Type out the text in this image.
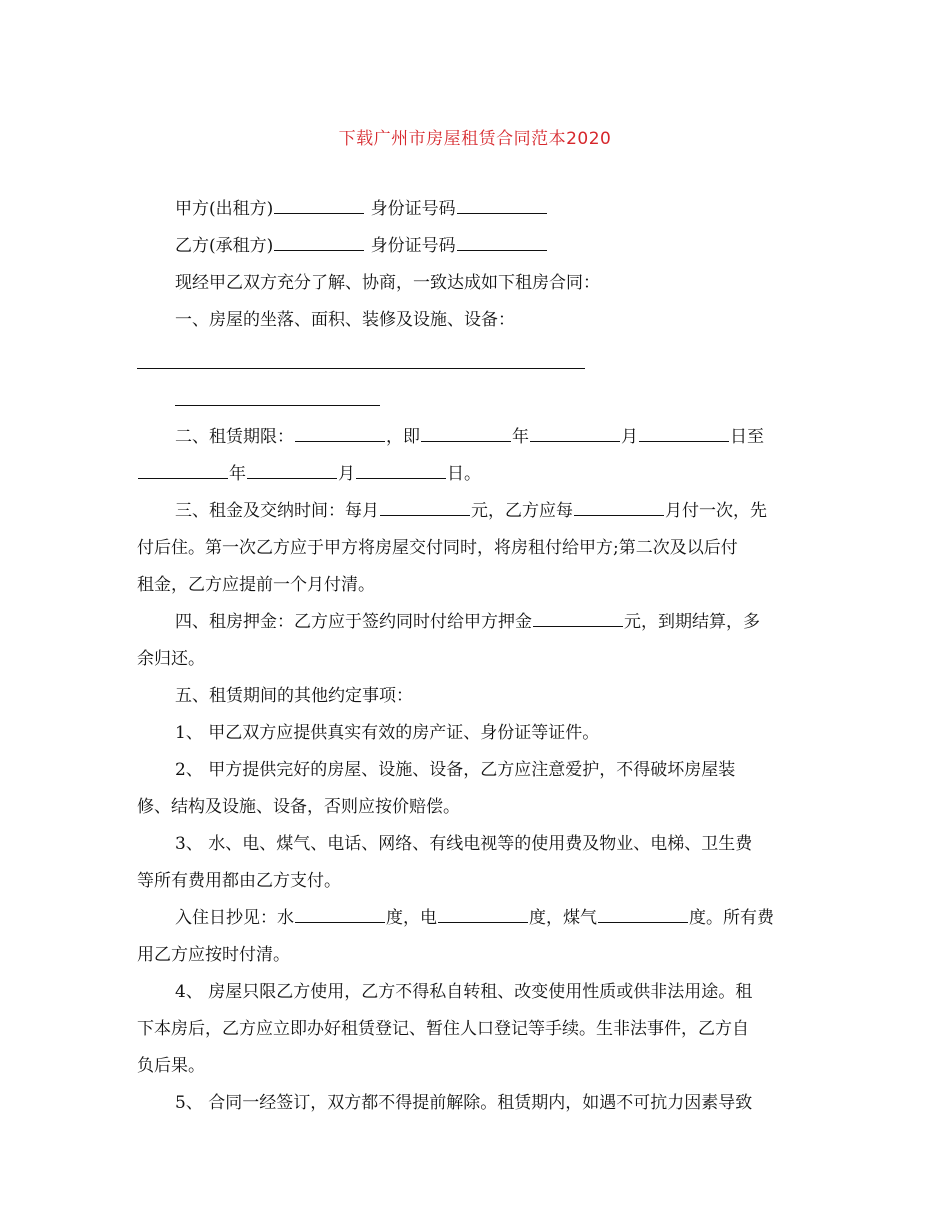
下载广州市房屋租赁合同范本2020
甲方(出租方)	身份证号码
乙方(承租方)	身份证号码
现经甲乙双方充分了解、协商，一致达成如下租房合同：
一、房屋的坐落、面积、装修及设施、设备：
二、租赁期限：	，即	年	月	日至
年	月	日。
三、租金及交纳时间：每月	元，乙方应每	月付一次，先
付后住。第一次乙方应于甲方将房屋交付同时，将房租付给甲方;第二次及以后付
租金，乙方应提前一个月付清。
四、租房押金：乙方应于签约同时付给甲方押金	元，到期结算，多
余归还。
五、租赁期间的其他约定事项：
1、 甲乙双方应提供真实有效的房产证、身份证等证件。
2、 甲方提供完好的房屋、设施、设备，乙方应注意爱护，不得破坏房屋装
修、结构及设施、设备，否则应按价赔偿。
3、 水、电、煤气、电话、网络、有线电视等的使用费及物业、电梯、卫生费
等所有费用都由乙方支付。
入住日抄见：水	度，电	度，煤气	度。所有费
用乙方应按时付清。
4、 房屋只限乙方使用，乙方不得私自转租、改变使用性质或供非法用途。租
下本房后，乙方应立即办好租赁登记、暂住人口登记等手续。生非法事件，乙方自
负后果。
5、 合同一经签订，双方都不得提前解除。租赁期内，如遇不可抗力因素导致
